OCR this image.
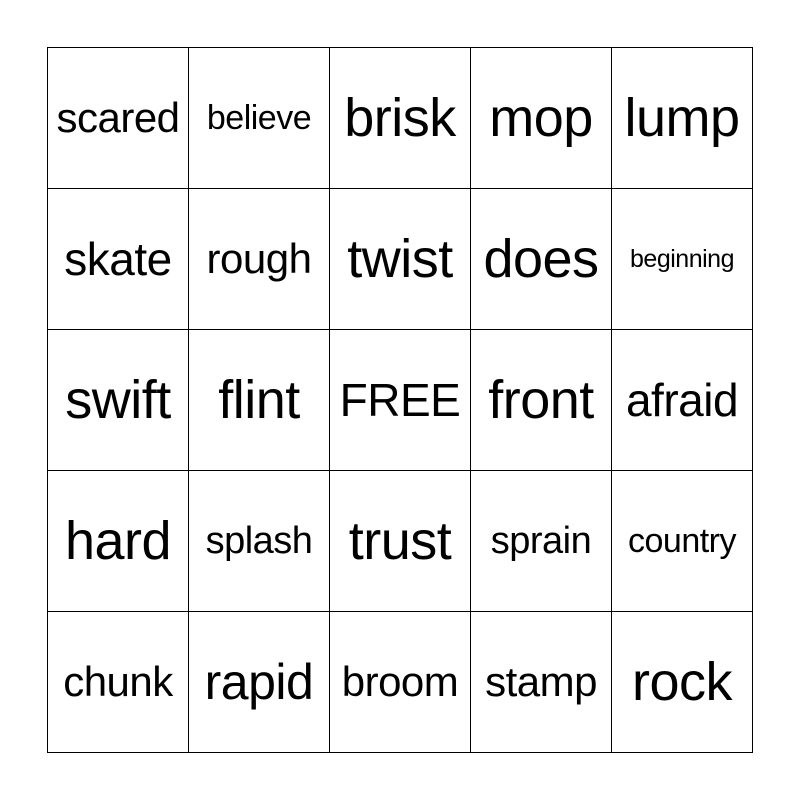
scared believe brisk mop lump
skate rough twist does	beginning
swift flint FREE front afraid
hard splash trust	sprain	country
chunk rapid broom stamp rock
